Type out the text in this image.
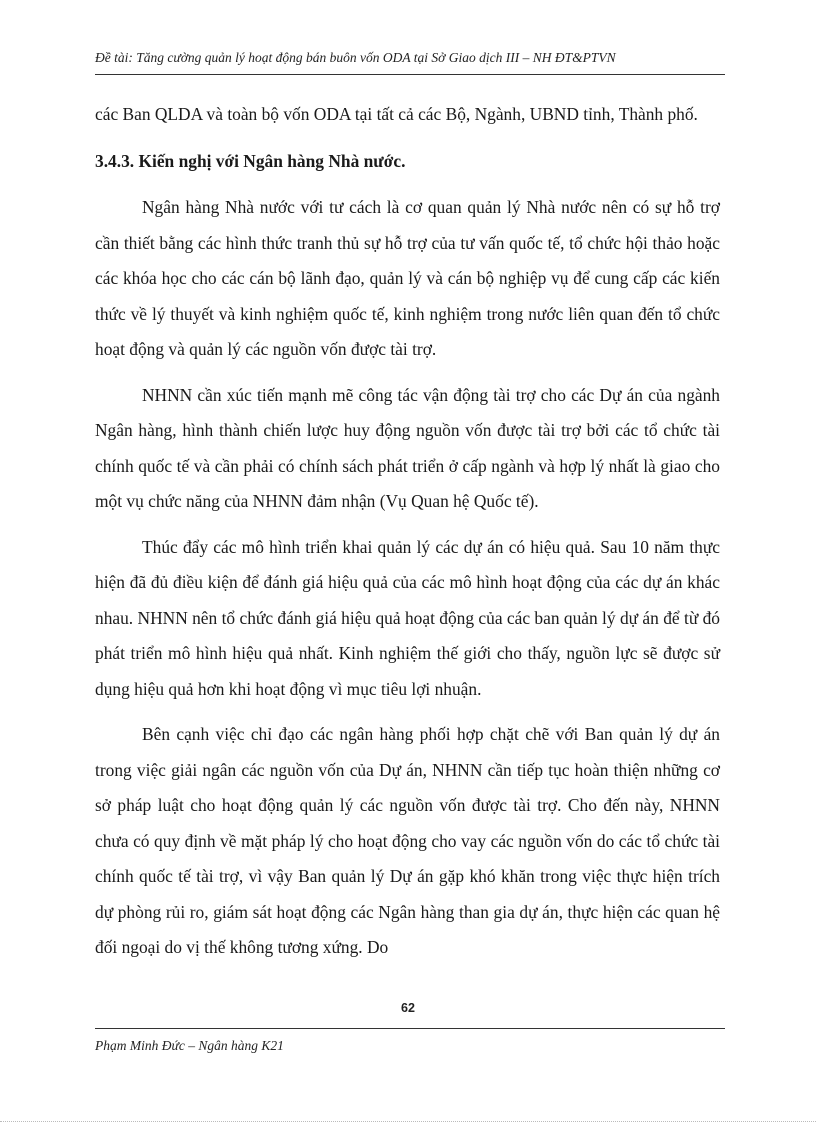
Đề tài: Tăng cường quản lý hoạt động bán buôn vốn ODA tại Sở Giao dịch III – NH ĐT&PTVN

các Ban QLDA và toàn bộ vốn ODA tại tất cả các Bộ, Ngành, UBND tỉnh, Thành phố.

3.4.3. Kiến nghị với Ngân hàng Nhà nước.

Ngân hàng Nhà nước với tư cách là cơ quan quản lý Nhà nước nên có sự hỗ trợ cần thiết bằng các hình thức tranh thủ sự hỗ trợ của tư vấn quốc tế, tổ chức hội thảo hoặc các khóa học cho các cán bộ lãnh đạo, quản lý và cán bộ nghiệp vụ để cung cấp các kiến thức về lý thuyết và kinh nghiệm quốc tế, kinh nghiệm trong nước liên quan đến tổ chức hoạt động và quản lý các nguồn vốn được tài trợ.

NHNN cần xúc tiến mạnh mẽ công tác vận động tài trợ cho các Dự án của ngành Ngân hàng, hình thành chiến lược huy động nguồn vốn được tài trợ bởi các tổ chức tài chính quốc tế và cần phải có chính sách phát triển ở cấp ngành và hợp lý nhất là giao cho một vụ chức năng của NHNN đảm nhận (Vụ Quan hệ Quốc tế).

Thúc đẩy các mô hình triển khai quản lý các dự án có hiệu quả. Sau 10 năm thực hiện đã đủ điều kiện để đánh giá hiệu quả của các mô hình hoạt động của các dự án khác nhau. NHNN nên tổ chức đánh giá hiệu quả hoạt động của các ban quản lý dự án để từ đó phát triển mô hình hiệu quả nhất. Kinh nghiệm thế giới cho thấy, nguồn lực sẽ được sử dụng hiệu quả hơn khi hoạt động vì mục tiêu lợi nhuận.

Bên cạnh việc chỉ đạo các ngân hàng phối hợp chặt chẽ với Ban quản lý dự án trong việc giải ngân các nguồn vốn của Dự án, NHNN cần tiếp tục hoàn thiện những cơ sở pháp luật cho hoạt động quản lý các nguồn vốn được tài trợ. Cho đến này, NHNN chưa có quy định về mặt pháp lý cho hoạt động cho vay các nguồn vốn do các tổ chức tài chính quốc tế tài trợ, vì vậy Ban quản lý Dự án gặp khó khăn trong việc thực hiện trích dự phòng rủi ro, giám sát hoạt động các Ngân hàng than gia dự án, thực hiện các quan hệ đối ngoại do vị thế không tương xứng. Do

62
Phạm Minh Đức – Ngân hàng K21
